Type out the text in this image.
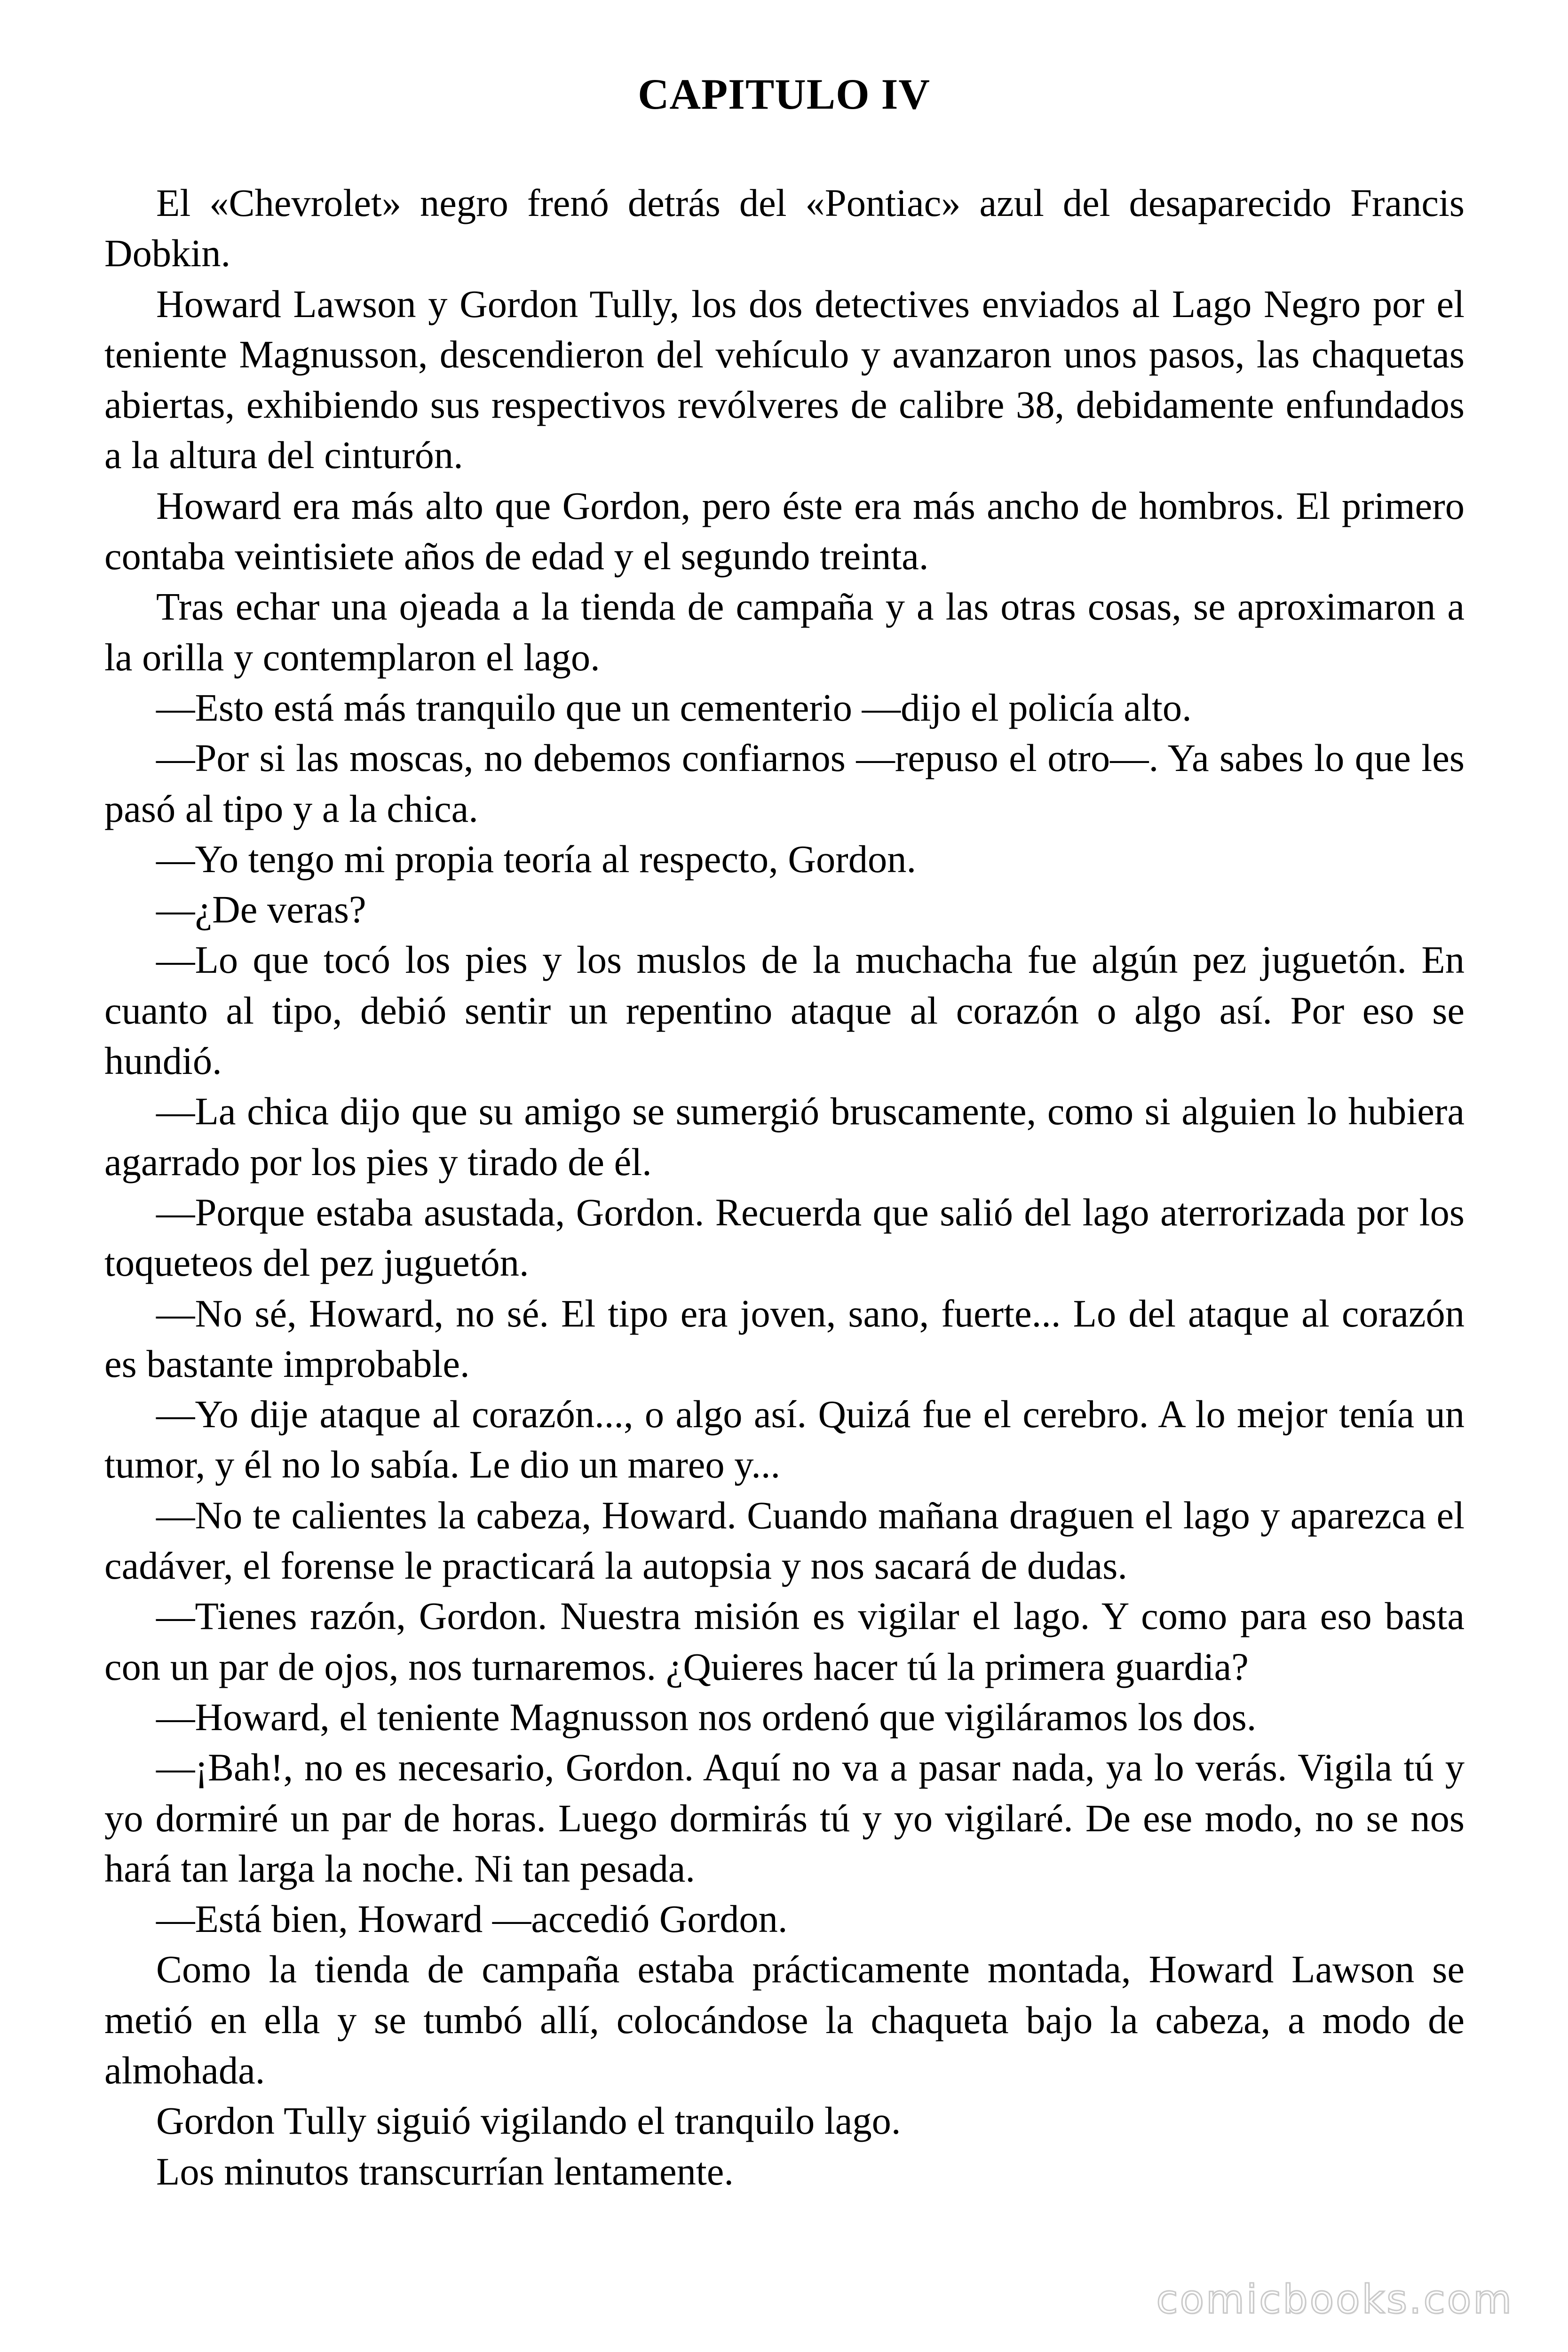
CAPITULO IV

El «Chevrolet» negro frenó detrás del «Pontiac» azul del desaparecido Francis Dobkin.

Howard Lawson y Gordon Tully, los dos detectives enviados al Lago Negro por el teniente Magnusson, descendieron del vehículo y avanzaron unos pasos, las chaquetas abiertas, exhibiendo sus respectivos revólveres de calibre 38, debidamente enfundados a la altura del cinturón.

Howard era más alto que Gordon, pero éste era más ancho de hombros. El primero contaba veintisiete años de edad y el segundo treinta.

Tras echar una ojeada a la tienda de campaña y a las otras cosas, se aproximaron a la orilla y contemplaron el lago.

—Esto está más tranquilo que un cementerio —dijo el policía alto.

—Por si las moscas, no debemos confiarnos —repuso el otro—. Ya sabes lo que les pasó al tipo y a la chica.

—Yo tengo mi propia teoría al respecto, Gordon.

—¿De veras?

—Lo que tocó los pies y los muslos de la muchacha fue algún pez juguetón. En cuanto al tipo, debió sentir un repentino ataque al corazón o algo así. Por eso se hundió.

—La chica dijo que su amigo se sumergió bruscamente, como si alguien lo hubiera agarrado por los pies y tirado de él.

—Porque estaba asustada, Gordon. Recuerda que salió del lago aterrorizada por los toqueteos del pez juguetón.

—No sé, Howard, no sé. El tipo era joven, sano, fuerte... Lo del ataque al corazón es bastante improbable.

—Yo dije ataque al corazón..., o algo así. Quizá fue el cerebro. A lo mejor tenía un tumor, y él no lo sabía. Le dio un mareo y...

—No te calientes la cabeza, Howard. Cuando mañana draguen el lago y aparezca el cadáver, el forense le practicará la autopsia y nos sacará de dudas.

—Tienes razón, Gordon. Nuestra misión es vigilar el lago. Y como para eso basta con un par de ojos, nos turnaremos. ¿Quieres hacer tú la primera guardia?

—Howard, el teniente Magnusson nos ordenó que vigiláramos los dos.

—¡Bah!, no es necesario, Gordon. Aquí no va a pasar nada, ya lo verás. Vigila tú y yo dormiré un par de horas. Luego dormirás tú y yo vigilaré. De ese modo, no se nos hará tan larga la noche. Ni tan pesada.

—Está bien, Howard —accedió Gordon.

Como la tienda de campaña estaba prácticamente montada, Howard Lawson se metió en ella y se tumbó allí, colocándose la chaqueta bajo la cabeza, a modo de almohada.

Gordon Tully siguió vigilando el tranquilo lago.

Los minutos transcurrían lentamente.

comicbooks.com
